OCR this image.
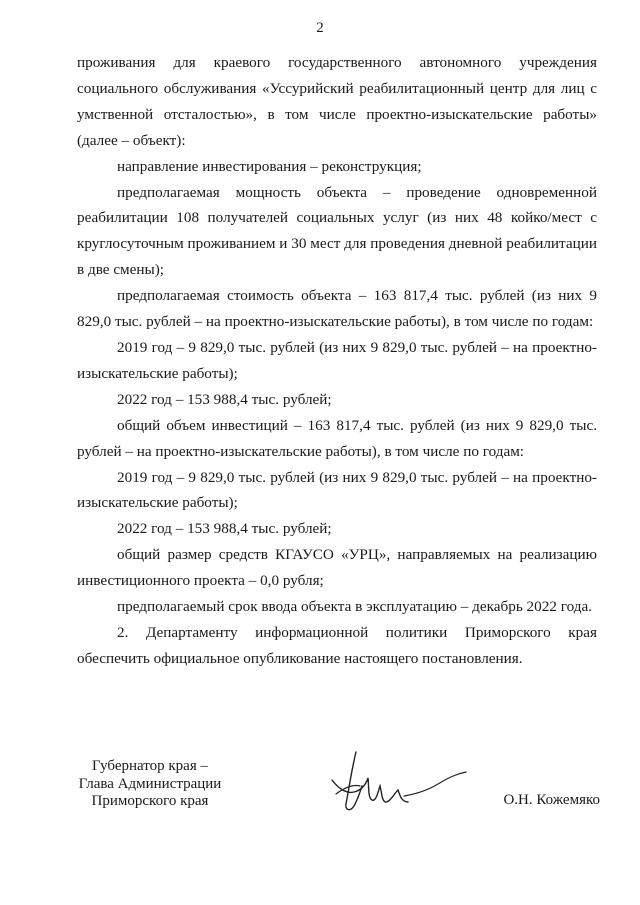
2

проживания для краевого государственного автономного учреждения социального обслуживания «Уссурийский реабилитационный центр для лиц с умственной отсталостью», в том числе проектно-изыскательские работы» (далее – объект):

направление инвестирования – реконструкция;

предполагаемая мощность объекта – проведение одновременной реабилитации 108 получателей социальных услуг (из них 48 койко/мест с круглосуточным проживанием и 30 мест для проведения дневной реабилитации в две смены);

предполагаемая стоимость объекта – 163 817,4 тыс. рублей (из них 9 829,0 тыс. рублей – на проектно-изыскательские работы), в том числе по годам:

2019 год – 9 829,0 тыс. рублей (из них 9 829,0 тыс. рублей – на проектно-изыскательские работы);

2022 год – 153 988,4 тыс. рублей;

общий объем инвестиций – 163 817,4 тыс. рублей (из них 9 829,0 тыс. рублей – на проектно-изыскательские работы), в том числе по годам:

2019 год – 9 829,0 тыс. рублей (из них 9 829,0 тыс. рублей – на проектно-изыскательские работы);

2022 год – 153 988,4 тыс. рублей;

общий размер средств КГАУСО «УРЦ», направляемых на реализацию инвестиционного проекта – 0,0 рубля;

предполагаемый срок ввода объекта в эксплуатацию – декабрь 2022 года.

2. Департаменту информационной политики Приморского края обеспечить официальное опубликование настоящего постановления.

Губернатор края –
Глава Администрации
Приморского края	О.Н. Кожемяко
